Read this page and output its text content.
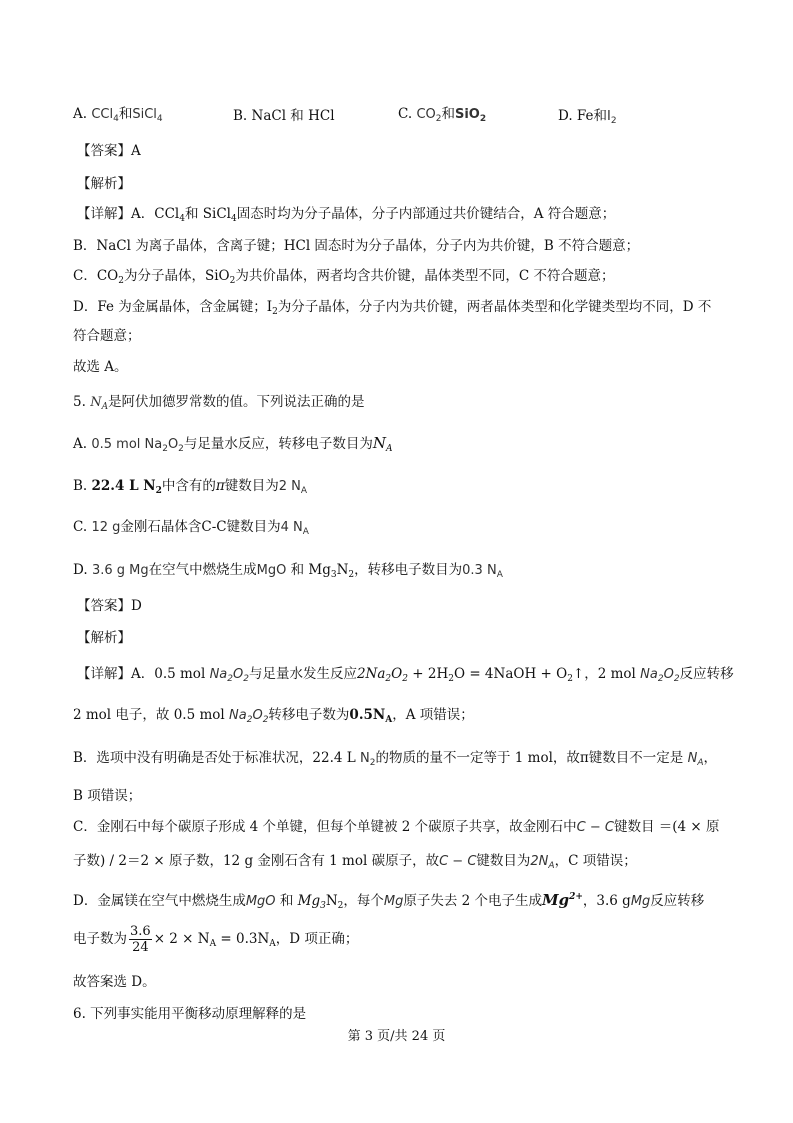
A. CCl$_4$和SiCl$_4$	B. NaCl 和 HCl	C. $CO_2$和SiO$_2$	D. Fe和$I_2$
【答案】A
【解析】
【详解】A．CCl$_4$和 SiCl$_4$固态时均为分子晶体，分子内部通过共价键结合，A 符合题意；
B．NaCl 为离子晶体，含离子键；HCl 固态时为分子晶体，分子内为共价键，B 不符合题意；
C．$CO_2$为分子晶体，SiO$_2$为共价晶体，两者均含共价键，晶体类型不同，C 不符合题意；
D．Fe 为金属晶体，含金属键；$I_2$为分子晶体，分子内为共价键，两者晶体类型和化学键类型均不同，D 不
符合题意；
故选 A。
5. $N_A$是阿伏加德罗常数的值。下列说法正确的是
A. 0.5 mol $Na_2O_2$与足量水反应，转移电子数目为$N_A$
B. 22.4 L $N_2$中含有的π键数目为2 $N_A$
C. 12 g金刚石晶体含C-C键数目为4 $N_A$
D. 3.6 g Mg在空气中燃烧生成MgO 和 $Mg_3N_2$，转移电子数目为0.3 $N_A$
【答案】D
【解析】
【详解】A．0.5 mol $Na_2O_2$与足量水发生反应$2Na_2O_2 + 2H_2O$ = 4NaOH + $O_2↑$，2 mol $Na_2O_2$反应转移
2 mol 电子，故 0.5 mol $Na_2O_2$转移电子数为$0.5N_A$，A 项错误；
B．选项中没有明确是否处于标准状况，22.4 L $N_2$的物质的量不一定等于 1 mol，故π键数目不一定是 $N_A$，
B 项错误；
C．金刚石中每个碳原子形成 4 个单键，但每个单键被 2 个碳原子共享，故金刚石中C − C键数目 ＝(4 × 原
子数) / 2＝2 × 原子数，12 g 金刚石含有 1 mol 碳原子，故C − C键数目为$2N_A$，C 项错误；
D．金属镁在空气中燃烧生成MgO 和 $Mg_3N_2$，每个Mg原子失去 2 个电子生成$Mg^{2+}$，3.6 gMg反应转移
电子数为 $\frac{3.6}{24} \times 2 \times N_A = 0.3N_A$，D 项正确；
故答案选 D。
6. 下列事实能用平衡移动原理解释的是
第 3 页/共 24 页
